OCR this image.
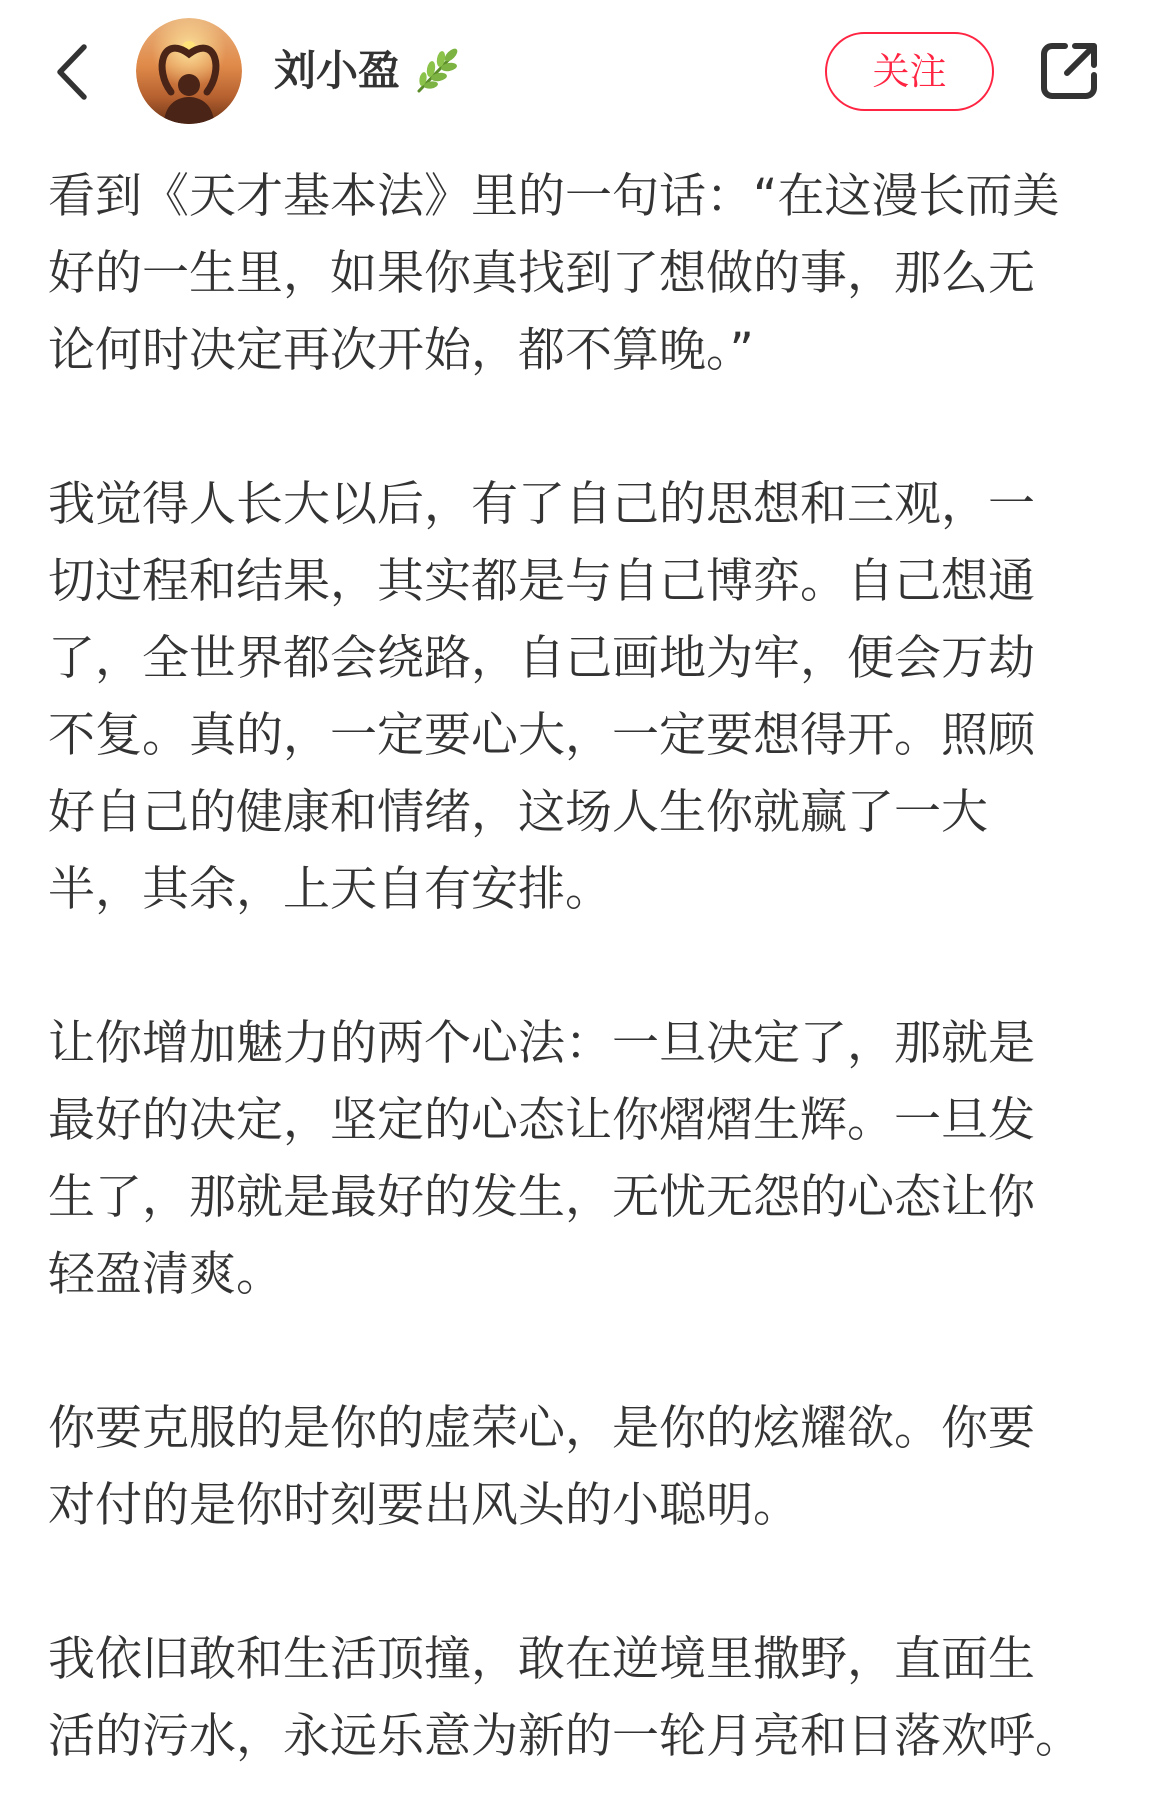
刘小盈	关注
看到《天才基本法》里的一句话：“在这漫长而美
好的一生里，如果你真找到了想做的事，那么无
论何时决定再次开始，都不算晚。”
我觉得人长大以后，有了自己的思想和三观，一
切过程和结果，其实都是与自己博弈。自己想通
了，全世界都会绕路，自己画地为牢，便会万劫
不复。真的，一定要心大，一定要想得开。照顾
好自己的健康和情绪，这场人生你就赢了一大
半，其余，上天自有安排。
让你增加魅力的两个心法：一旦决定了，那就是
最好的决定，坚定的心态让你熠熠生辉。一旦发
生了，那就是最好的发生，无忧无怨的心态让你
轻盈清爽。
你要克服的是你的虚荣心，是你的炫耀欲。你要
对付的是你时刻要出风头的小聪明。
我依旧敢和生活顶撞，敢在逆境里撒野，直面生
活的污水，永远乐意为新的一轮月亮和日落欢呼。
